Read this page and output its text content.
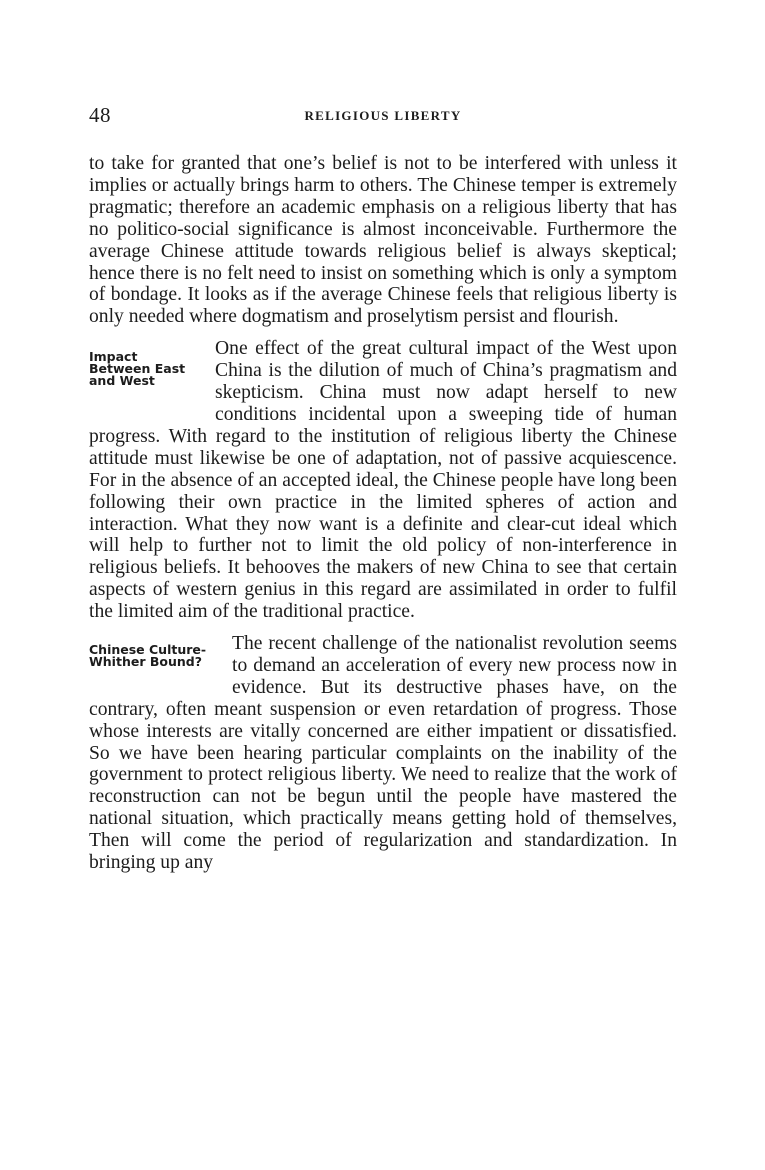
48	RELIGIOUS LIBERTY

to take for granted that one’s belief is not to be interfered with unless it implies or actually brings harm to others. The Chinese temper is extremely pragmatic; therefore an academic emphasis on a religious liberty that has no politico-social significance is almost inconceivable. Furthermore the average Chinese attitude towards religious belief is always skeptical; hence there is no felt need to insist on something which is only a symptom of bondage. It looks as if the average Chinese feels that religious liberty is only needed where dogmatism and proselytism persist and flourish.

Impact
Between East
and West

One effect of the great cultural impact of the West upon China is the dilution of much of China’s pragmatism and skepticism. China must now adapt herself to new conditions incidental upon a sweeping tide of human progress. With regard to the institution of religious liberty the Chinese attitude must likewise be one of adaptation, not of passive acquiescence. For in the absence of an accepted ideal, the Chinese people have long been following their own practice in the limited spheres of action and interaction. What they now want is a definite and clear-cut ideal which will help to further not to limit the old policy of non-interference in religious beliefs. It behooves the makers of new China to see that certain aspects of western genius in this regard are assimilated in order to fulfil the limited aim of the traditional practice.

Chinese Culture-
Whither Bound?

The recent challenge of the nationalist revolution seems to demand an acceleration of every new process now in evidence. But its destructive phases have, on the contrary, often meant suspension or even retardation of progress. Those whose interests are vitally concerned are either impatient or dissatisfied. So we have been hearing particular complaints on the inability of the government to protect religious liberty. We need to realize that the work of reconstruction can not be begun until the people have mastered the national situation, which practically means getting hold of themselves, Then will come the period of regularization and standardization. In bringing up any
